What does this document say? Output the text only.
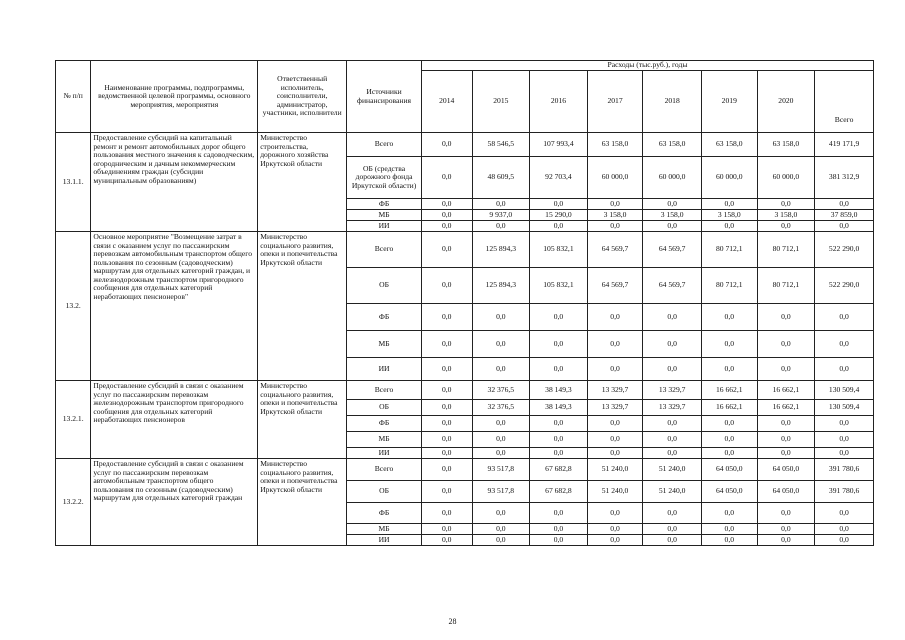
№ п/п	Наименование программы, подпрограммы, ведомственной целевой программы, основного мероприятия, мероприятия	Ответственный исполнитель, соисполнители, администратор, участники, исполнители	Источники финансирования	Расходы (тыс.руб.), годы							
				2014	2015	2016	2017	2018	2019	2020	Всего
13.1.1.	Предоставление субсидий на капитальный ремонт и ремонт автомобильных дорог общего пользования местного значения к садоводческим, огородническим и дачным некоммерческим объединениям граждан (субсидии муниципальным образованиям)	Министерство строительства, дорожного хозяйства Иркутской области	Всего	0,0	58 546,5	107 993,4	63 158,0	63 158,0	63 158,0	63 158,0	419 171,9
			ОБ (средства дорожного фонда Иркутской области)	0,0	48 609,5	92 703,4	60 000,0	60 000,0	60 000,0	60 000,0	381 312,9
			ФБ	0,0	0,0	0,0	0,0	0,0	0,0	0,0	0,0
			МБ	0,0	9 937,0	15 290,0	3 158,0	3 158,0	3 158,0	3 158,0	37 859,0
			ИИ	0,0	0,0	0,0	0,0	0,0	0,0	0,0	0,0
13.2.	Основное мероприятие "Возмещение затрат в связи с оказанием услуг по пассажирским перевозкам автомобильным транспортом общего пользования по сезонным (садоводческим) маршрутам для отдельных категорий граждан, и железнодорожным транспортом пригородного сообщения для отдельных категорий неработающих пенсионеров"	Министерство социального развития, опеки и попечительства Иркутской области	Всего	0,0	125 894,3	105 832,1	64 569,7	64 569,7	80 712,1	80 712,1	522 290,0
			ОБ	0,0	125 894,3	105 832,1	64 569,7	64 569,7	80 712,1	80 712,1	522 290,0
			ФБ	0,0	0,0	0,0	0,0	0,0	0,0	0,0	0,0
			МБ	0,0	0,0	0,0	0,0	0,0	0,0	0,0	0,0
			ИИ	0,0	0,0	0,0	0,0	0,0	0,0	0,0	0,0
13.2.1.	Предоставление субсидий в связи с оказанием услуг по пассажирским перевозкам железнодорожным транспортом пригородного сообщения для отдельных категорий неработающих пенсионеров	Министерство социального развития, опеки и попечительства Иркутской области	Всего	0,0	32 376,5	38 149,3	13 329,7	13 329,7	16 662,1	16 662,1	130 509,4
			ОБ	0,0	32 376,5	38 149,3	13 329,7	13 329,7	16 662,1	16 662,1	130 509,4
			ФБ	0,0	0,0	0,0	0,0	0,0	0,0	0,0	0,0
			МБ	0,0	0,0	0,0	0,0	0,0	0,0	0,0	0,0
			ИИ	0,0	0,0	0,0	0,0	0,0	0,0	0,0	0,0
13.2.2.	Предоставление субсидий в связи с оказанием услуг по пассажирским перевозкам автомобильным транспортом общего пользования по сезонным (садоводческим) маршрутам для отдельных категорий граждан	Министерство социального развития, опеки и попечительства Иркутской области	Всего	0,0	93 517,8	67 682,8	51 240,0	51 240,0	64 050,0	64 050,0	391 780,6
			ОБ	0,0	93 517,8	67 682,8	51 240,0	51 240,0	64 050,0	64 050,0	391 780,6
			ФБ	0,0	0,0	0,0	0,0	0,0	0,0	0,0	0,0
			МБ	0,0	0,0	0,0	0,0	0,0	0,0	0,0	0,0
			ИИ	0,0	0,0	0,0	0,0	0,0	0,0	0,0	0,0
28
